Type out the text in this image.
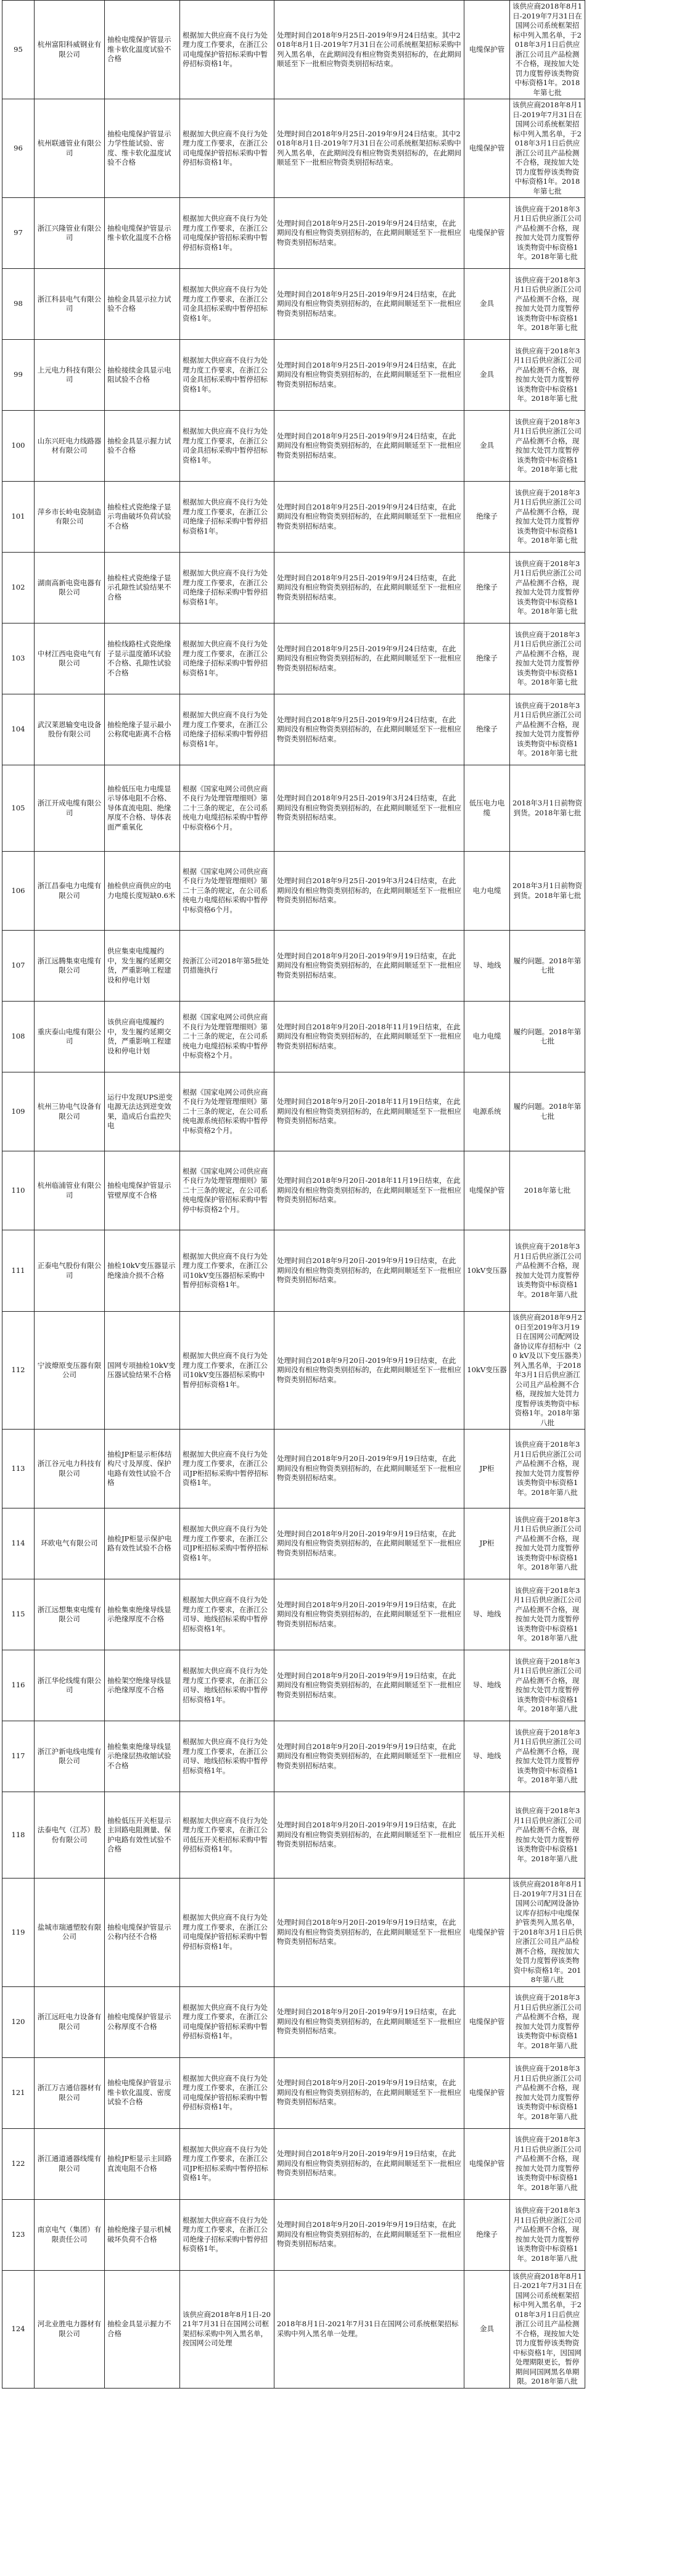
95	杭州富阳科威钢业有限公司	抽检电缆保护管显示维卡软化温度试验不合格	根据加大供应商不良行为处理力度工作要求，在浙江公司电缆保护管招标采购中暂停招标资格1年。	处理时间自2018年9月25日-2019年9月24日结束。其中2018年8月1日-2019年7月31日在公司系统框架招标采购中列入黑名单，在此期间没有相应物资类别招标的，在此期间顺延至下一批相应物资类别招标结束。	电缆保护管	该供应商2018年8月1日-2019年7月31日在国网公司系统框架招标中列入黑名单，于2018年3月1日后供应浙江公司且产品检测不合格，现按加大处罚力度暂停该类物资中标资格1年。2018年第七批
96	杭州联通管业有限公司	抽检电缆保护管显示力学性能试验、密度、维卡软化温度试验不合格	根据加大供应商不良行为处理力度工作要求，在浙江公司电缆保护管招标采购中暂停招标资格1年。	处理时间自2018年9月25日-2019年9月24日结束。其中2018年8月1日-2019年7月31日在公司系统框架招标采购中列入黑名单，在此期间没有相应物资类别招标的，在此期间顺延至下一批相应物资类别招标结束。	电缆保护管	该供应商2018年8月1日-2019年7月31日在国网公司系统框架招标中列入黑名单，于2018年3月1日后供应浙江公司且产品检测不合格，现按加大处罚力度暂停该类物资中标资格1年。2018年第七批
97	浙江兴隆管业有限公司	抽检电缆保护管显示维卡软化温度不合格	根据加大供应商不良行为处理力度工作要求，在浙江公司电缆保护管招标采购中暂停招标资格1年。	处理时间自2018年9月25日-2019年9月24日结束，在此期间没有相应物资类别招标的，在此期间顺延至下一批相应物资类别招标结束。	电缆保护管	该供应商于2018年3月1日后供应浙江公司产品检测不合格，现按加大处罚力度暂停该类物资中标资格1年。2018年第七批
98	浙江科县电气有限公司	抽检金具显示拉力试验不合格	根据加大供应商不良行为处理力度工作要求，在浙江公司金具招标采购中暂停招标资格1年。	处理时间自2018年9月25日-2019年9月24日结束，在此期间没有相应物资类别招标的，在此期间顺延至下一批相应物资类别招标结束。	金具	该供应商于2018年3月1日后供应浙江公司产品检测不合格，现按加大处罚力度暂停该类物资中标资格1年。2018年第七批
99	上元电力科技有限公司	抽检接续金具显示电阻试验不合格	根据加大供应商不良行为处理力度工作要求，在浙江公司金具招标采购中暂停招标资格1年。	处理时间自2018年9月25日-2019年9月24日结束，在此期间没有相应物资类别招标的，在此期间顺延至下一批相应物资类别招标结束。	金具	该供应商于2018年3月1日后供应浙江公司产品检测不合格，现按加大处罚力度暂停该类物资中标资格1年。2018年第七批
100	山东兴旺电力线路器材有限公司	抽检金具显示握力试验不合格	根据加大供应商不良行为处理力度工作要求，在浙江公司金具招标采购中暂停招标资格1年。	处理时间自2018年9月25日-2019年9月24日结束，在此期间没有相应物资类别招标的，在此期间顺延至下一批相应物资类别招标结束。	金具	该供应商于2018年3月1日后供应浙江公司产品检测不合格，现按加大处罚力度暂停该类物资中标资格1年。2018年第七批
101	萍乡市长岭电瓷制造有限公司	抽检柱式瓷绝缘子显示弯曲破坏负荷试验不合格	根据加大供应商不良行为处理力度工作要求，在浙江公司绝缘子招标采购中暂停招标资格1年。	处理时间自2018年9月25日-2019年9月24日结束，在此期间没有相应物资类别招标的，在此期间顺延至下一批相应物资类别招标结束。	绝缘子	该供应商于2018年3月1日后供应浙江公司产品检测不合格，现按加大处罚力度暂停该类物资中标资格1年。2018年第七批
102	湖南高新电瓷电器有限公司	抽检柱式瓷绝缘子显示孔隙性试验结果不合格	根据加大供应商不良行为处理力度工作要求，在浙江公司绝缘子招标采购中暂停招标资格1年。	处理时间自2018年9月25日-2019年9月24日结束，在此期间没有相应物资类别招标的，在此期间顺延至下一批相应物资类别招标结束。	绝缘子	该供应商于2018年3月1日后供应浙江公司产品检测不合格，现按加大处罚力度暂停该类物资中标资格1年。2018年第七批
103	中材江西电瓷电气有限公司	抽检线路柱式瓷绝缘子显示温度循环试验不合格、孔隙性试验不合格	根据加大供应商不良行为处理力度工作要求，在浙江公司绝缘子招标采购中暂停招标资格1年。	处理时间自2018年9月25日-2019年9月24日结束，在此期间没有相应物资类别招标的，在此期间顺延至下一批相应物资类别招标结束。	绝缘子	该供应商于2018年3月1日后供应浙江公司产品检测不合格，现按加大处罚力度暂停该类物资中标资格1年。2018年第七批
104	武汉莱恩输变电设备股份有限公司	抽检绝缘子显示最小公称爬电距离不合格	根据加大供应商不良行为处理力度工作要求，在浙江公司绝缘子招标采购中暂停招标资格1年。	处理时间自2018年9月25日-2019年9月24日结束，在此期间没有相应物资类别招标的，在此期间顺延至下一批相应物资类别招标结束。	绝缘子	该供应商于2018年3月1日后供应浙江公司产品检测不合格，现按加大处罚力度暂停该类物资中标资格1年。2018年第七批
105	浙江开成电缆有限公司	抽检低压电力电缆显示导体电阻不合格、导体直流电阻、绝缘厚度不合格、导体表面严重氧化	根据《国家电网公司供应商不良行为处理管理细则》第二十三条的规定，在公司系统电力电缆招标采购中暂停中标资格6个月。	处理时间自2018年9月25日-2019年3月24日结束，在此期间没有相应物资类别招标的，在此期间顺延至下一批相应物资类别招标结束。	低压电力电缆	2018年3月1日前物资到货。2018年第七批
106	浙江昌泰电力电缆有限公司	抽检供应商供应的电力电缆长度短缺0.6米	根据《国家电网公司供应商不良行为处理管理细则》第二十三条的规定，在公司系统电力电缆招标采购中暂停中标资格6个月。	处理时间自2018年9月25日-2019年3月24日结束，在此期间没有相应物资类别招标的，在此期间顺延至下一批相应物资类别招标结束。	电力电缆	2018年3月1日前物资到货。2018年第七批
107	浙江远腾集束电缆有限公司	供应集束电缆履约中，发生履约延期交货，严重影响工程建设和停电计划	按浙江公司2018年第5批处罚措施执行	处理时间自2018年9月20日-2019年9月19日结束，在此期间没有相应物资类别招标的，在此期间顺延至下一批相应物资类别招标结束。	导、地线	履约问题。2018年第七批
108	重庆泰山电缆有限公司	该供应商电缆履约中，发生履约延期交货，严重影响工程建设和停电计划	根据《国家电网公司供应商不良行为处理管理细则》第二十三条的规定，在公司系统电力电缆招标采购中暂停中标资格2个月。	处理时间自2018年9月20日-2018年11月19日结束，在此期间没有相应物资类别招标的，在此期间顺延至下一批相应物资类别招标结束。	电力电缆	履约问题。2018年第七批
109	杭州三协电气设备有限公司	运行中发现UPS逆变电源无法达到逆变效果，造成后台监控失电	根据《国家电网公司供应商不良行为处理管理细则》第二十三条的规定，在公司系统电源系统招标采购中暂停中标资格2个月。	处理时间自2018年9月20日-2018年11月19日结束，在此期间没有相应物资类别招标的，在此期间顺延至下一批相应物资类别招标结束。	电源系统	履约问题。2018年第七批
110	杭州临浦管业有限公司	抽检电缆保护管显示管壁厚度不合格	根据《国家电网公司供应商不良行为处理管理细则》第二十三条的规定，在公司系统电缆保护管招标采购中暂停中标资格2个月。	处理时间自2018年9月20日-2018年11月19日结束，在此期间没有相应物资类别招标的，在此期间顺延至下一批相应物资类别招标结束。	电缆保护管	2018年第七批
111	正泰电气股份有限公司	抽检10kV变压器显示绝缘油介损不合格	根据加大供应商不良行为处理力度工作要求，在浙江公司10kV变压器招标采购中暂停招标资格1年。	处理时间自2018年9月20日-2019年9月19日结束，在此期间没有相应物资类别招标的，在此期间顺延至下一批相应物资类别招标结束。	10kV变压器	该供应商于2018年3月1日后供应浙江公司产品检测不合格，现按加大处罚力度暂停该类物资中标资格1年。2018年第八批
112	宁波燎原变压器有限公司	国网专项抽检10kV变压器试验结果不合格	根据加大供应商不良行为处理力度工作要求，在浙江公司10kV变压器招标采购中暂停招标资格1年。	处理时间自2018年9月20日-2019年9月19日结束，在此期间没有相应物资类别招标的，在此期间顺延至下一批相应物资类别招标结束。	10kV变压器	该供应商2018年9月20日至2019年3月19日在国网公司配网设备协议库存招标中（20 kV及以下变压器类）列入黑名单，于2018年3月1日后供应浙江公司且产品检测不合格，现按加大处罚力度暂停该类物资中标资格1年。2018年第八批
113	浙江谷元电力科技有限公司	抽检JP柜显示柜体结构尺寸及厚度、保护电路有效性试验不合格	根据加大供应商不良行为处理力度工作要求，在浙江公司JP柜招标采购中暂停招标资格1年。	处理时间自2018年9月20日-2019年9月19日结束，在此期间没有相应物资类别招标的，在此期间顺延至下一批相应物资类别招标结束。	JP柜	该供应商于2018年3月1日后供应浙江公司产品检测不合格，现按加大处罚力度暂停该类物资中标资格1年。2018年第八批
114	环欧电气有限公司	抽检JP柜显示保护电路有效性试验不合格	根据加大供应商不良行为处理力度工作要求，在浙江公司JP柜招标采购中暂停招标资格1年。	处理时间自2018年9月20日-2019年9月19日结束，在此期间没有相应物资类别招标的，在此期间顺延至下一批相应物资类别招标结束。	JP柜	该供应商于2018年3月1日后供应浙江公司产品检测不合格，现按加大处罚力度暂停该类物资中标资格1年。2018年第八批
115	浙江远想集束电缆有限公司	抽检集束绝缘导线显示绝缘厚度不合格	根据加大供应商不良行为处理力度工作要求，在浙江公司导、地线招标采购中暂停招标资格1年。	处理时间自2018年9月20日-2019年9月19日结束，在此期间没有相应物资类别招标的，在此期间顺延至下一批相应物资类别招标结束。	导、地线	该供应商于2018年3月1日后供应浙江公司产品检测不合格，现按加大处罚力度暂停该类物资中标资格1年。2018年第八批
116	浙江华伦线缆有限公司	抽检架空绝缘导线显示绝缘厚度不合格	根据加大供应商不良行为处理力度工作要求，在浙江公司导、地线招标采购中暂停招标资格1年。	处理时间自2018年9月20日-2019年9月19日结束，在此期间没有相应物资类别招标的，在此期间顺延至下一批相应物资类别招标结束。	导、地线	该供应商于2018年3月1日后供应浙江公司产品检测不合格，现按加大处罚力度暂停该类物资中标资格1年。2018年第八批
117	浙江沪新电线电缆有限公司	抽检集束绝缘导线显示绝缘层热收缩试验不合格	根据加大供应商不良行为处理力度工作要求，在浙江公司导、地线招标采购中暂停招标资格1年。	处理时间自2018年9月20日-2019年9月19日结束，在此期间没有相应物资类别招标的，在此期间顺延至下一批相应物资类别招标结束。	导、地线	该供应商于2018年3月1日后供应浙江公司产品检测不合格，现按加大处罚力度暂停该类物资中标资格1年。2018年第八批
118	法泰电气（江苏）股份有限公司	抽检低压开关柜显示主回路电阻测量、保护电路有效性试验不合格	根据加大供应商不良行为处理力度工作要求，在浙江公司低压开关柜招标采购中暂停招标资格1年。	处理时间自2018年9月20日-2019年9月19日结束，在此期间没有相应物资类别招标的，在此期间顺延至下一批相应物资类别招标结束。	低压开关柜	该供应商于2018年3月1日后供应浙江公司产品检测不合格，现按加大处罚力度暂停该类物资中标资格1年。2018年第八批
119	盐城市瑞通塑胶有限公司	抽检电缆保护管显示公称内径不合格	根据加大供应商不良行为处理力度工作要求，在浙江公司电缆保护管招标采购中暂停招标资格1年。	处理时间自2018年9月20日-2019年9月19日结束，在此期间没有相应物资类别招标的，在此期间顺延至下一批相应物资类别招标结束。	电缆保护管	该供应商2018年8月1日-2019年7月31日在国网公司配网设备协议库存招标中电缆保护管类列入黑名单，于2018年3月1日后供应浙江公司且产品检测不合格，现按加大处罚力度暂停该类物资中标资格1年。2018年第八批
120	浙江远旺电力设备有限公司	抽检电缆保护管显示公称厚度不合格	根据加大供应商不良行为处理力度工作要求，在浙江公司电缆保护管招标采购中暂停招标资格1年。	处理时间自2018年9月20日-2019年9月19日结束，在此期间没有相应物资类别招标的，在此期间顺延至下一批相应物资类别招标结束。	电缆保护管	该供应商于2018年3月1日后供应浙江公司产品检测不合格，现按加大处罚力度暂停该类物资中标资格1年。2018年第八批
121	浙江万吉通信器材有限公司	抽检电缆保护管显示维卡软化温度、密度试验不合格	根据加大供应商不良行为处理力度工作要求，在浙江公司电缆保护管招标采购中暂停招标资格1年。	处理时间自2018年9月20日-2019年9月19日结束，在此期间没有相应物资类别招标的，在此期间顺延至下一批相应物资类别招标结束。	电缆保护管	该供应商于2018年3月1日后供应浙江公司产品检测不合格，现按加大处罚力度暂停该类物资中标资格1年。2018年第八批
122	浙江通道通器线缆有限公司	抽检JP柜显示主回路直流电阻不合格	根据加大供应商不良行为处理力度工作要求，在浙江公司JP柜招标采购中暂停招标资格1年。	处理时间自2018年9月20日-2019年9月19日结束，在此期间没有相应物资类别招标的，在此期间顺延至下一批相应物资类别招标结束。	电缆保护管	该供应商于2018年3月1日后供应浙江公司产品检测不合格，现按加大处罚力度暂停该类物资中标资格1年。2018年第八批
123	南京电气（集团）有限责任公司	抽检绝缘子显示机械破坏负荷不合格	根据加大供应商不良行为处理力度工作要求，在浙江公司绝缘子招标采购中暂停招标资格1年。	处理时间自2018年9月20日-2019年9月19日结束，在此期间没有相应物资类别招标的，在此期间顺延至下一批相应物资类别招标结束。	绝缘子	该供应商于2018年3月1日后供应浙江公司产品检测不合格，现按加大处罚力度暂停该类物资中标资格1年。2018年第八批
124	河北业胜电力器材有限公司	抽检金具显示握力不合格	该供应商2018年8月1日-2021年7月31日在国网公司框架招标采购中列入黑名单，按国网公司处理	2018年8月1日-2021年7月31日在国网公司系统框架招标采购中列入黑名单一处理。	金具	该供应商2018年8月1日-2021年7月31日在国网公司系统框架招标中列入黑名单，于2018年3月1日后供应浙江公司且产品检测不合格，现按加大处罚力度暂停该类物资中标资格1年，因国网处理期限更长，暂停期间同国网黑名单期限。2018年第八批
